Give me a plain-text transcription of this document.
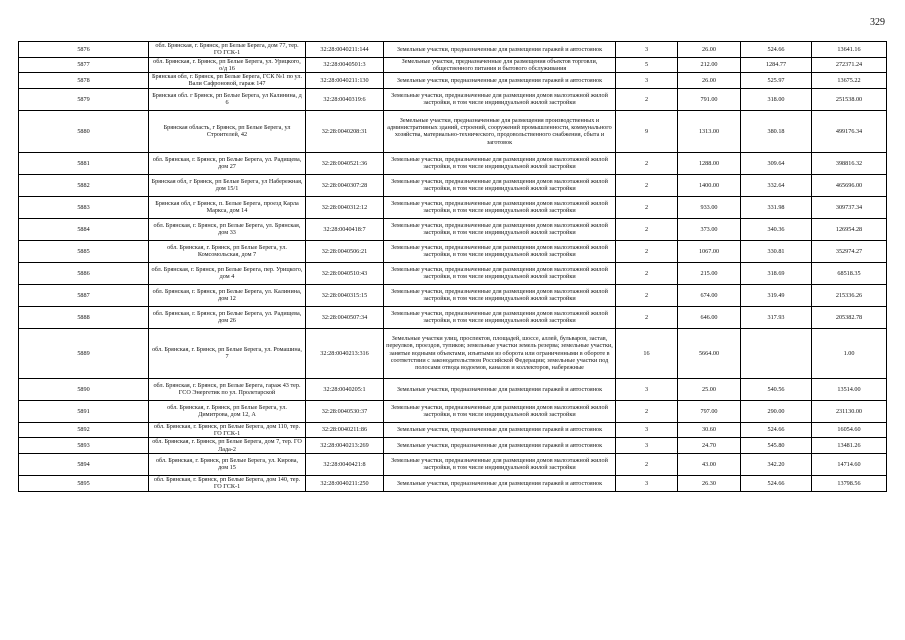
329
5876	обл. Брянская, г. Брянск, рп Белые Берега, дом 77, тер. ГО ГСК-1	32:28:0040211:144	Земельные участки, предназначенные для размещения гаражей и автостоянок	3	26.00	524.66	13641.16
5877	обл. Брянская, г. Брянск, рп Белые Берега, ул. Урицкого, о/д 16	32:28:0040501:3	Земельные участки, предназначенные для размещения объектов торговли, общественного питания и бытового обслуживания	5	212.00	1284.77	272371.24
5878	Брянская обл, г. Брянск, рп Белые Берега, ГСК №1 по ул. Вали Сафроновой, гараж 147	32:28:0040211:130	Земельные участки, предназначенные для размещения гаражей и автостоянок	3	26.00	525.97	13675.22
5879	Брянская обл. г Брянск, рп Белые Берега, ул Калинина, д 6	32:28:0040319:6	Земельные участки, предназначенные для размещения домов малоэтажной жилой застройки, в том числе индивидуальной жилой застройки	2	791.00	318.00	251538.00
5880	Брянская область, г Брянск, рп Белые Берега, ул Строителей, 42	32:28:0040208:31	Земельные участки, предназначенные для размещения производственных и административных зданий, строений, сооружений промышленности, коммунального хозяйства, материально-технического, продовольственного снабжения, сбыта и заготовок	9	1313.00	380.18	499176.34
5881	обл. Брянская, г. Брянск, рп Белые Берега, ул. Радищева, дом 27	32:28:0040521:36	Земельные участки, предназначенные для размещения домов малоэтажной жилой застройки, в том числе индивидуальной жилой застройки	2	1288.00	309.64	398816.32
5882	Брянская обл, г Брянск, рп Белые Берега, ул Набережная, дом 15/1	32:28:0040307:28	Земельные участки, предназначенные для размещения домов малоэтажной жилой застройки, в том числе индивидуальной жилой застройки	2	1400.00	332.64	465696.00
5883	Брянская обл, г Брянск, п. Белые Берега, проезд Карла Маркса, дом 14	32:28:0040312:12	Земельные участки, предназначенные для размещения домов малоэтажной жилой застройки, в том числе индивидуальной жилой застройки	2	933.00	331.98	309737.34
5884	обл. Брянская, г. Брянск, рп Белые Берега, ул. Брянская, дом 33	32:28:0040418:7	Земельные участки, предназначенные для размещения домов малоэтажной жилой застройки, в том числе индивидуальной жилой застройки	2	373.00	340.36	126954.28
5885	обл. Брянская, г. Брянск, рп Белые Берега, ул. Комсомольская, дом 7	32:28:0040506:21	Земельные участки, предназначенные для размещения домов малоэтажной жилой застройки, в том числе индивидуальной жилой застройки	2	1067.00	330.81	352974.27
5886	обл. Брянская, г. Брянск, рп Белые Берега, пер. Урицкого, дом 4	32:28:0040510:43	Земельные участки, предназначенные для размещения домов малоэтажной жилой застройки, в том числе индивидуальной жилой застройки	2	215.00	318.69	68518.35
5887	обл. Брянская, г. Брянск, рп Белые Берега, ул. Калинина, дом 12	32:28:0040315:15	Земельные участки, предназначенные для размещения домов малоэтажной жилой застройки, в том числе индивидуальной жилой застройки	2	674.00	319.49	215336.26
5888	обл. Брянская, г. Брянск, рп Белые Берега, ул. Радищева, дом 26	32:28:0040507:34	Земельные участки, предназначенные для размещения домов малоэтажной жилой застройки, в том числе индивидуальной жилой застройки	2	646.00	317.93	205382.78
5889	обл. Брянская, г. Брянск, рп Белые Берега, ул. Ромашина, 7	32:28:0040213:316	Земельные участки улиц, проспектов, площадей, шоссе, аллей, бульваров, застав, переулков, проездов, тупиков; земельные участки земель резерва; земельные участки, занятые водными объектами, изъятыми из оборота или ограниченными в обороте в соответствии с законодательством Российской Федерации; земельные участки под полосами отвода водоемов, каналов и коллекторов, набережные	16	5664.00		1.00
5890	обл. Брянская, г. Брянск, рп Белые Берега, гараж 43 тер. ГСО Энергетик по ул. Пролетарской	32:28:0040205:1	Земельные участки, предназначенные для размещения гаражей и автостоянок	3	25.00	540.56	13514.00
5891	обл. Брянская, г. Брянск, рп Белые Берега, ул. Димитрова, дом 12, А	32:28:0040530:37	Земельные участки, предназначенные для размещения домов малоэтажной жилой застройки, в том числе индивидуальной жилой застройки	2	797.00	290.00	231130.00
5892	обл. Брянская, г. Брянск, рп Белые Берега, дом 110, тер. ГО ГСК-1	32:28:0040211:86	Земельные участки, предназначенные для размещения гаражей и автостоянок	3	30.60	524.66	16054.60
5893	обл. Брянская, г. Брянск, рп Белые Берега, дом 7, тер. ГО Лада-2	32:28:0040213:269	Земельные участки, предназначенные для размещения гаражей и автостоянок	3	24.70	545.80	13481.26
5894	обл. Брянская, г. Брянск, рп Белые Берега, ул. Кирова, дом 15	32:28:0040421:8	Земельные участки, предназначенные для размещения домов малоэтажной жилой застройки, в том числе индивидуальной жилой застройки	2	43.00	342.20	14714.60
5895	обл. Брянская, г. Брянск, рп Белые Берега, дом 140, тер. ГО ГСК-1	32:28:0040211:250	Земельные участки, предназначенные для размещения гаражей и автостоянок	3	26.30	524.66	13798.56
